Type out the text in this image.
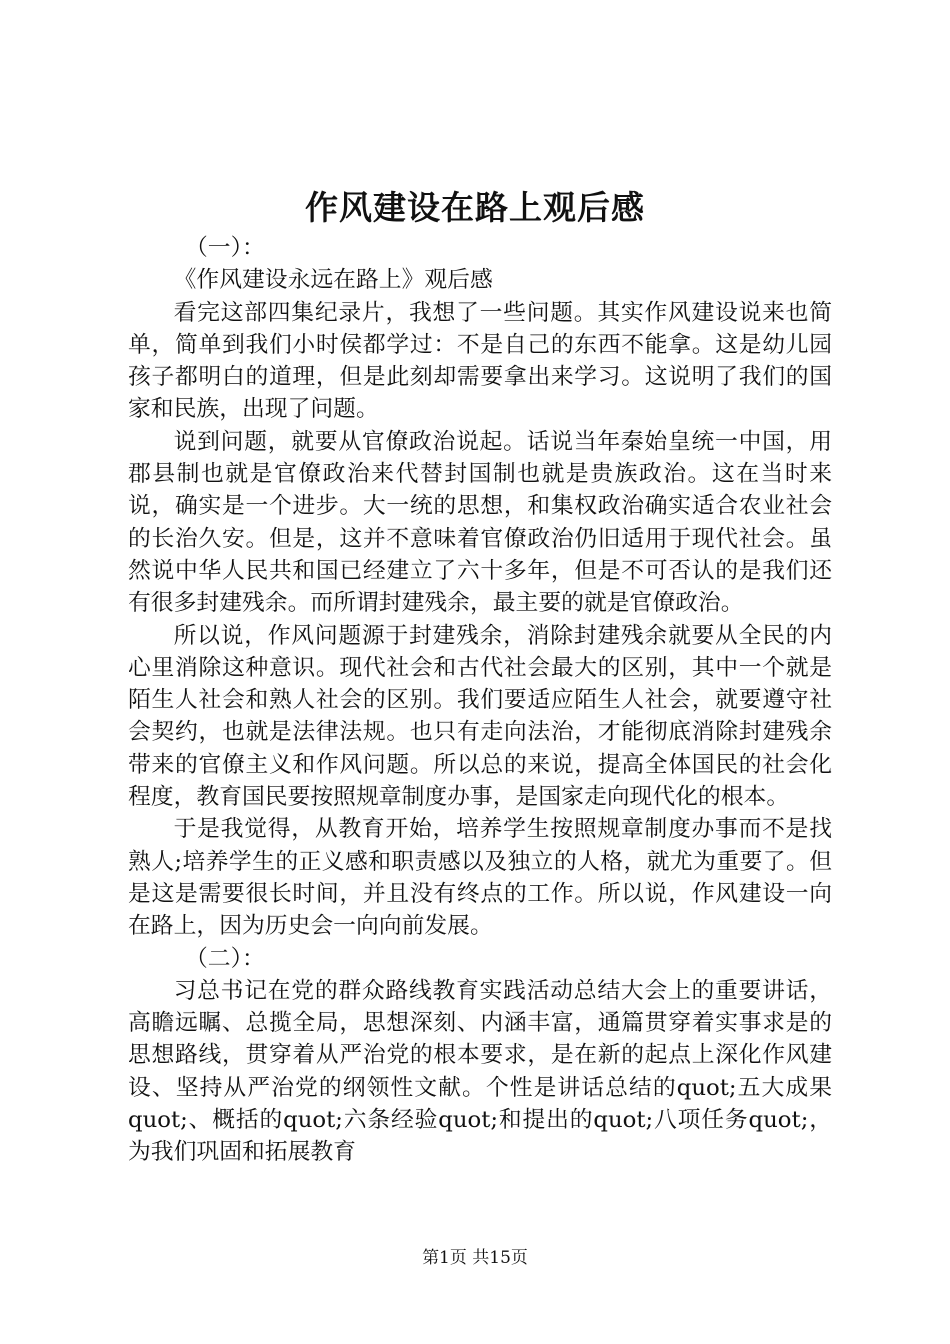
作风建设在路上观后感

（一）：

《作风建设永远在路上》观后感

看完这部四集纪录片，我想了一些问题。其实作风建设说来也简单，简单到我们小时侯都学过：不是自己的东西不能拿。这是幼儿园孩子都明白的道理，但是此刻却需要拿出来学习。这说明了我们的国家和民族，出现了问题。

说到问题，就要从官僚政治说起。话说当年秦始皇统一中国，用郡县制也就是官僚政治来代替封国制也就是贵族政治。这在当时来说，确实是一个进步。大一统的思想，和集权政治确实适合农业社会的长治久安。但是，这并不意味着官僚政治仍旧适用于现代社会。虽然说中华人民共和国已经建立了六十多年，但是不可否认的是我们还有很多封建残余。而所谓封建残余，最主要的就是官僚政治。

所以说，作风问题源于封建残余，消除封建残余就要从全民的内心里消除这种意识。现代社会和古代社会最大的区别，其中一个就是陌生人社会和熟人社会的区别。我们要适应陌生人社会，就要遵守社会契约，也就是法律法规。也只有走向法治，才能彻底消除封建残余带来的官僚主义和作风问题。所以总的来说，提高全体国民的社会化程度，教育国民要按照规章制度办事，是国家走向现代化的根本。

于是我觉得，从教育开始，培养学生按照规章制度办事而不是找熟人;培养学生的正义感和职责感以及独立的人格，就尤为重要了。但是这是需要很长时间，并且没有终点的工作。所以说，作风建设一向在路上，因为历史会一向向前发展。

（二）：

习总书记在党的群众路线教育实践活动总结大会上的重要讲话，高瞻远瞩、总揽全局，思想深刻、内涵丰富，通篇贯穿着实事求是的思想路线，贯穿着从严治党的根本要求，是在新的起点上深化作风建设、坚持从严治党的纲领性文献。个性是讲话总结的quot;五大成果quot;、概括的quot;六条经验quot;和提出的quot;八项任务quot;，为我们巩固和拓展教育

第1页 共15页
